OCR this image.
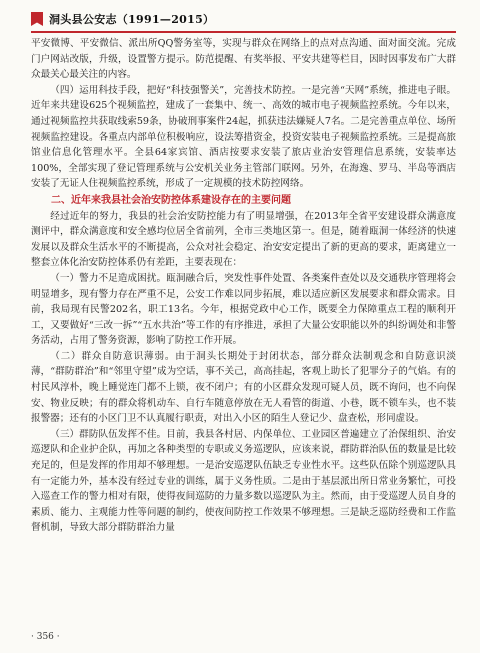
洞头县公安志（1991—2015）

平安微博、平安微信、派出所QQ警务室等，实现与群众在网络上的点对点沟通、面对面交流。完成门户网站改版，升级，设置警方提示。防范提醒、有奖举报、平安共建等栏目，因时因事发布广大群众最关心最关注的内容。

（四）运用科技手段，把好“科技强警关”，完善技术防控。一是完善“天网”系统，推进电子眼。近年来共建设625个视频监控，建成了一套集中、统一、高效的城市电子视频监控系统。今年以来，通过视频监控共获取线索59条，协破刑事案件24起，抓获违法嫌疑人7名。二是完善重点单位、场所视频监控建设。各重点内部单位积极响应，设法筹措资金，投资安装电子视频监控系统。三是提高旅馆业信息化管理水平。全县64家宾馆、酒店按要求安装了旅店业治安管理信息系统，安装率达100%，全部实现了登记管理系统与公安机关业务主管部门联网。另外，在海逸、罗马、半岛等酒店安装了无证人住视频监控系统，形成了一定规模的技术防控网络。

二、近年来我县社会治安防控体系建设存在的主要问题

经过近年的努力，我县的社会治安防控能力有了明显增强，在2013年全省平安建设群众满意度测评中，群众满意度和安全感均位居全省前列，全市三类地区第一。但是，随着瓯洞一体经济的快速发展以及群众生活水平的不断提高，公众对社会稳定、治安安定提出了新的更高的要求，距离建立一整套立体化治安防控体系仍有差距，主要表现在：

（一）警力不足造成困扰。瓯洞融合后，突发性事件处置、各类案件查处以及交通秩序管理将会明显增多，现有警力存在严重不足，公安工作难以同步拓展，难以适应新区发展要求和群众需求。目前，我局现有民警202名，职工13名。今年，根据党政中心工作，既要全力保障重点工程的顺利开工，又要做好“三改一拆”“五水共治”等工作的有序推进，承担了大量公安职能以外的纠纷调处和非警务活动，占用了警务资源，影响了防控工作开展。

（二）群众自防意识薄弱。由于洞头长期处于封闭状态，部分群众法制观念和自防意识淡薄，“群防群治”和“邻里守望”成为空话，事不关己，高高挂起，客观上助长了犯罪分子的气焰。有的村民风淳朴，晚上睡觉连门都不上锁，夜不闭户；有的小区群众发现可疑人员，既不询问，也不向保安、物业反映；有的群众将机动车、自行车随意停放在无人看管的街道、小巷，既不锁车头，也不装报警器；还有的小区门卫不认真履行职责，对出入小区的陌生人登记少、盘查松，形同虚设。

（三）群防队伍发挥不佳。目前，我县各村居、内保单位、工业园区普遍建立了治保组织、治安巡逻队和企业护企队，再加之各种类型的专职或义务巡逻队，应该来说，群防群治队伍的数量是比较充足的，但是发挥的作用却不够理想。一是治安巡逻队伍缺乏专业性水平。这些队伍除个别巡逻队具有一定能力外，基本没有经过专业的训练，属于义务性质。二是由于基层派出所日常业务繁忙，可投入巡查工作的警力相对有限，使得夜间巡防的力量多数以巡逻队为主。然而，由于受巡逻人员自身的素质、能力、主观能力性等问题的制约，使夜间防控工作效果不够理想。三是缺乏巡防经费和工作监督机制，导致大部分群防群治力量

· 356 ·
